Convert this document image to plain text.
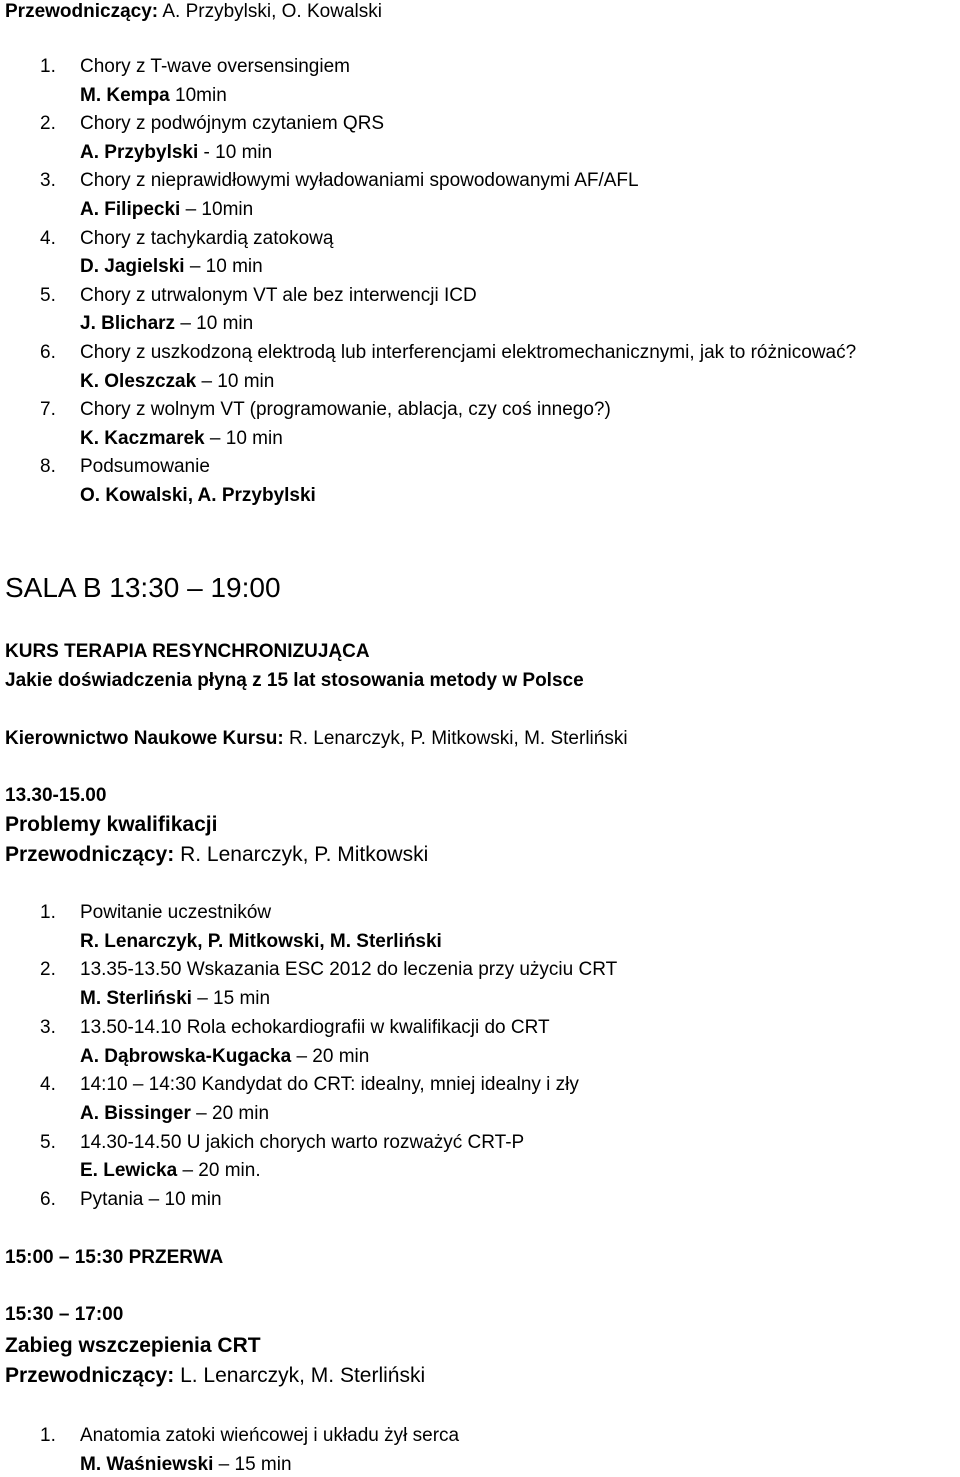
Przewodniczący: A. Przybylski, O. Kowalski
1. Chory z T-wave oversensingiem
M. Kempa 10min
2. Chory z podwójnym czytaniem QRS
A. Przybylski - 10 min
3. Chory z nieprawidłowymi wyładowaniami spowodowanymi AF/AFL
A. Filipecki – 10min
4. Chory z tachykardią zatokową
D. Jagielski – 10 min
5. Chory z utrwalonym VT ale bez interwencji ICD
J. Blicharz – 10 min
6. Chory z uszkodzoną elektrodą lub interferencjami elektromechanicznymi, jak to różnicować?
K. Oleszczak – 10 min
7. Chory z wolnym VT (programowanie, ablacja, czy coś innego?)
K. Kaczmarek – 10 min
8. Podsumowanie
O. Kowalski, A. Przybylski
SALA B 13:30 – 19:00
KURS TERAPIA RESYNCHRONIZUJĄCA
Jakie doświadczenia płyną z 15 lat stosowania metody w Polsce
Kierownictwo Naukowe Kursu: R. Lenarczyk, P. Mitkowski, M. Sterliński
13.30-15.00
Problemy kwalifikacji
Przewodniczący: R. Lenarczyk, P. Mitkowski
1. Powitanie uczestników
R. Lenarczyk, P. Mitkowski, M. Sterliński
2. 13.35-13.50 Wskazania ESC 2012 do leczenia przy użyciu CRT
M. Sterliński – 15 min
3. 13.50-14.10 Rola echokardiografii w kwalifikacji do CRT
A. Dąbrowska-Kugacka – 20 min
4. 14:10 – 14:30 Kandydat do CRT: idealny, mniej idealny i zły
A. Bissinger – 20 min
5. 14.30-14.50 U jakich chorych warto rozważyć CRT-P
E. Lewicka – 20 min.
6. Pytania – 10 min
15:00 – 15:30 PRZERWA
15:30 – 17:00
Zabieg wszczepienia CRT
Przewodniczący: L. Lenarczyk, M. Sterliński
1. Anatomia zatoki wieńcowej i układu żył serca
M. Waśniewski – 15 min
